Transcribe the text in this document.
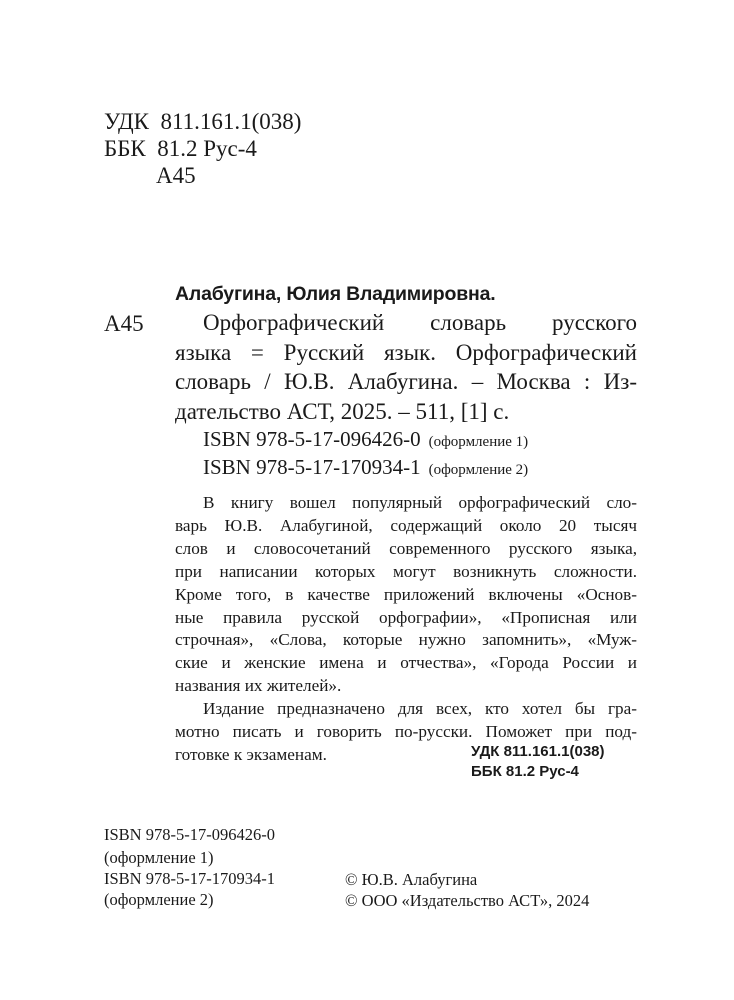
УДК  811.161.1(038)
ББК  81.2 Рус-4
А45
Алабугина, Юлия Владимировна.
А45	Орфографический словарь русского
языка = Русский язык. Орфографический
словарь / Ю.В. Алабугина. – Москва : Из-
дательство АСТ, 2025. – 511, [1] с.
ISBN 978-5-17-096426-0 (оформление 1)
ISBN 978-5-17-170934-1 (оформление 2)
В книгу вошел популярный орфографический сло-
варь Ю.В. Алабугиной, содержащий около 20 тысяч
слов и словосочетаний современного русского языка,
при написании которых могут возникнуть сложности.
Кроме того, в качестве приложений включены «Основ-
ные правила русской орфографии», «Прописная или
строчная», «Слова, которые нужно запомнить», «Муж-
ские и женские имена и отчества», «Города России и
названия их жителей».
Издание предназначено для всех, кто хотел бы гра-
мотно писать и говорить по-русски. Поможет при под-
готовке к экзаменам.	УДК 811.161.1(038)
ББК 81.2 Рус-4
ISBN 978-5-17-096426-0
(оформление 1)
ISBN 978-5-17-170934-1
(оформление 2)
© Ю.В. Алабугина
© ООО «Издательство АСТ», 2024
